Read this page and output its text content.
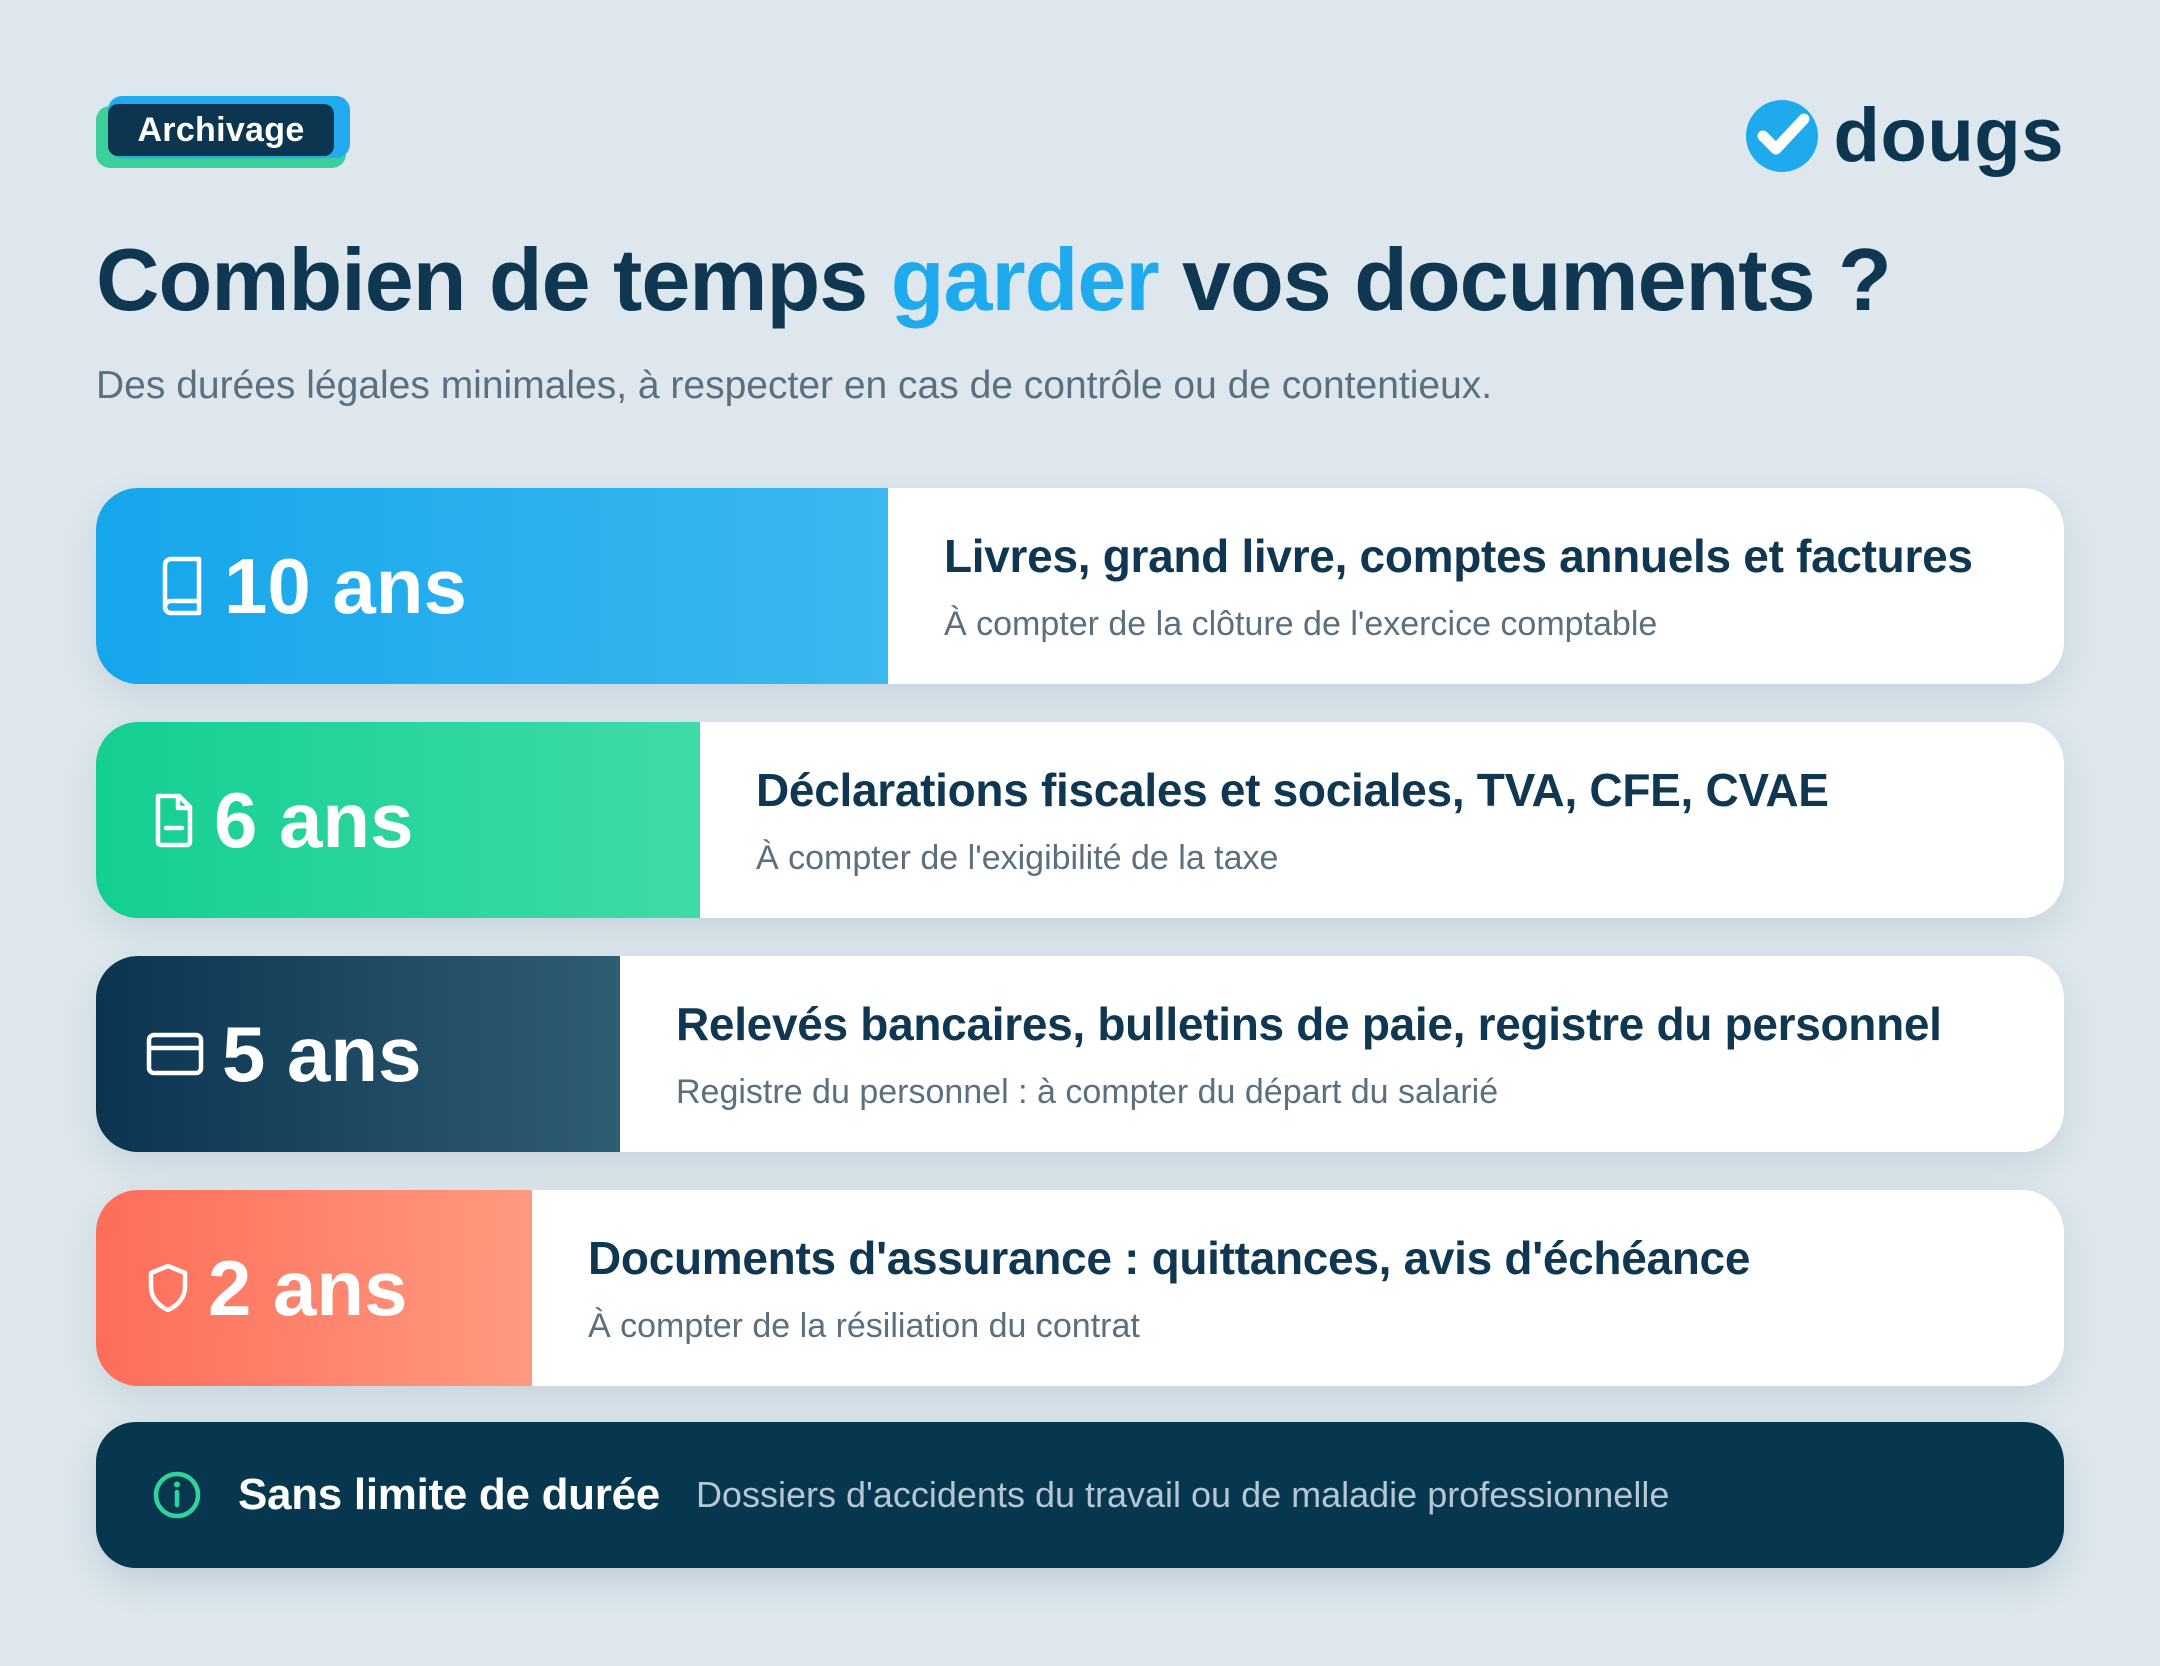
Archivage	dougs
Combien de temps garder vos documents ?
Des durées légales minimales, à respecter en cas de contrôle ou de contentieux.
10 ans	Livres, grand livre, comptes annuels et factures
À compter de la clôture de l'exercice comptable
6 ans	Déclarations fiscales et sociales, TVA, CFE, CVAE
À compter de l'exigibilité de la taxe
5 ans	Relevés bancaires, bulletins de paie, registre du personnel
Registre du personnel : à compter du départ du salarié
2 ans	Documents d'assurance : quittances, avis d'échéance
À compter de la résiliation du contrat
Sans limite de durée Dossiers d'accidents du travail ou de maladie professionnelle
